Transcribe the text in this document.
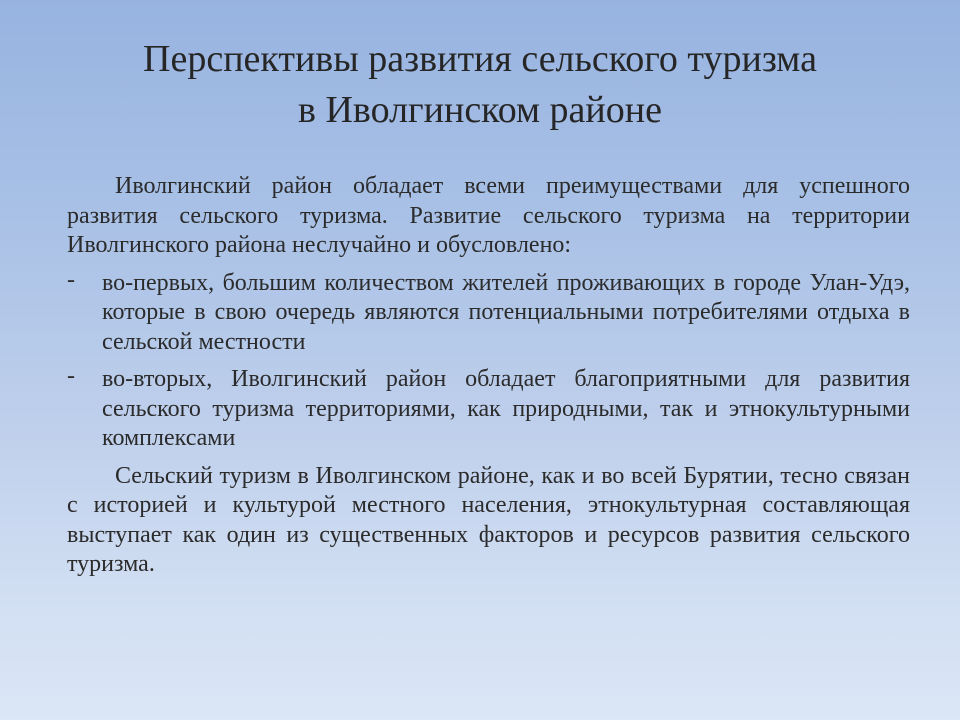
Перспективы развития сельского туризма
в Иволгинском районе

Иволгинский район обладает всеми преимуществами для успешного развития сельского туризма. Развитие сельского туризма на территории Иволгинского района неслучайно и обусловлено:

- во-первых, большим количеством жителей проживающих в городе Улан-Удэ, которые в свою очередь являются потенциальными потребителями отдыха в сельской местности
- во-вторых, Иволгинский район обладает благоприятными для развития сельского туризма территориями, как природными, так и этнокультурными комплексами

Сельский туризм в Иволгинском районе, как и во всей Бурятии, тесно связан с историей и культурой местного населения, этнокультурная составляющая выступает как один из существенных факторов и ресурсов развития сельского туризма.
